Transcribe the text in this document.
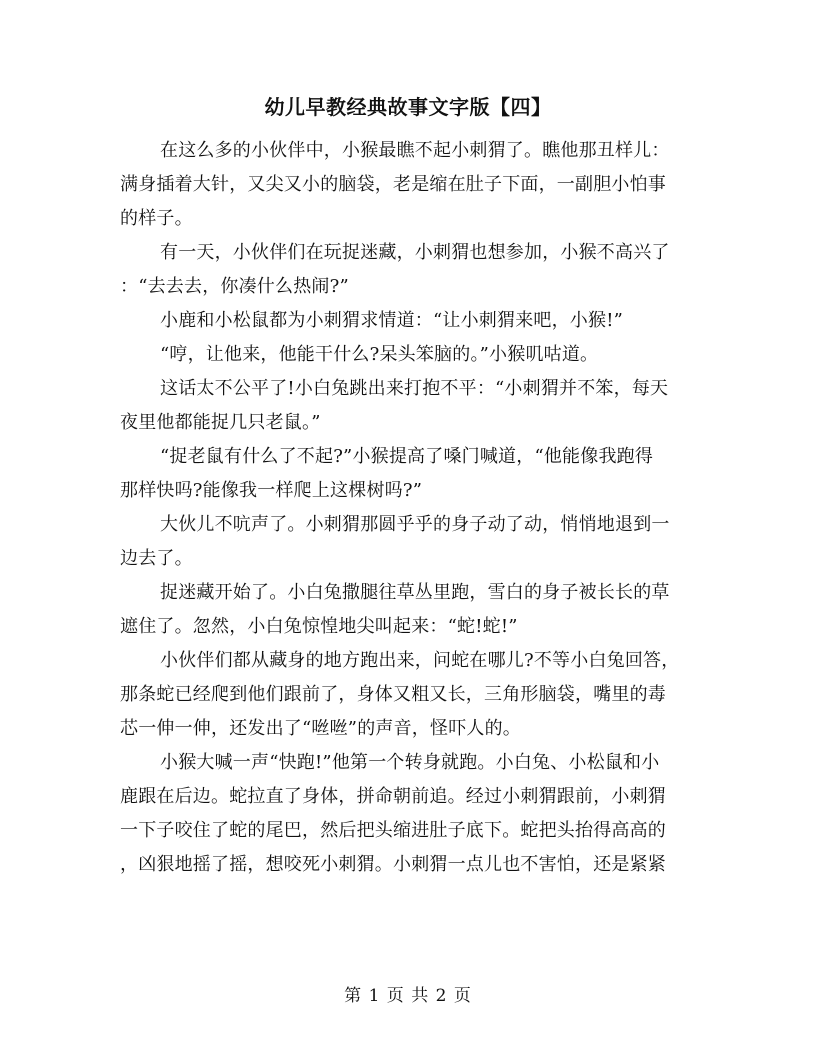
幼儿早教经典故事文字版【四】
在这么多的小伙伴中，小猴最瞧不起小刺猬了。瞧他那丑样儿：
满身插着大针，又尖又小的脑袋，老是缩在肚子下面，一副胆小怕事
的样子。
有一天，小伙伴们在玩捉迷藏，小刺猬也想参加，小猴不高兴了
：“去去去，你凑什么热闹?”
小鹿和小松鼠都为小刺猬求情道：“让小刺猬来吧，小猴!”
“哼，让他来，他能干什么?呆头笨脑的。”小猴叽咕道。
这话太不公平了!小白兔跳出来打抱不平：“小刺猬并不笨，每天
夜里他都能捉几只老鼠。”
“捉老鼠有什么了不起?”小猴提高了嗓门喊道，“他能像我跑得
那样快吗?能像我一样爬上这棵树吗?”
大伙儿不吭声了。小刺猬那圆乎乎的身子动了动，悄悄地退到一
边去了。
捉迷藏开始了。小白兔撒腿往草丛里跑，雪白的身子被长长的草
遮住了。忽然，小白兔惊惶地尖叫起来：“蛇!蛇!”
小伙伴们都从藏身的地方跑出来，问蛇在哪儿?不等小白兔回答，
那条蛇已经爬到他们跟前了，身体又粗又长，三角形脑袋，嘴里的毒
芯一伸一伸，还发出了“咝咝”的声音，怪吓人的。
小猴大喊一声“快跑!”他第一个转身就跑。小白兔、小松鼠和小
鹿跟在后边。蛇拉直了身体，拼命朝前追。经过小刺猬跟前，小刺猬
一下子咬住了蛇的尾巴，然后把头缩进肚子底下。蛇把头抬得高高的
，凶狠地摇了摇，想咬死小刺猬。小刺猬一点儿也不害怕，还是紧紧
第 1 页 共 2 页
